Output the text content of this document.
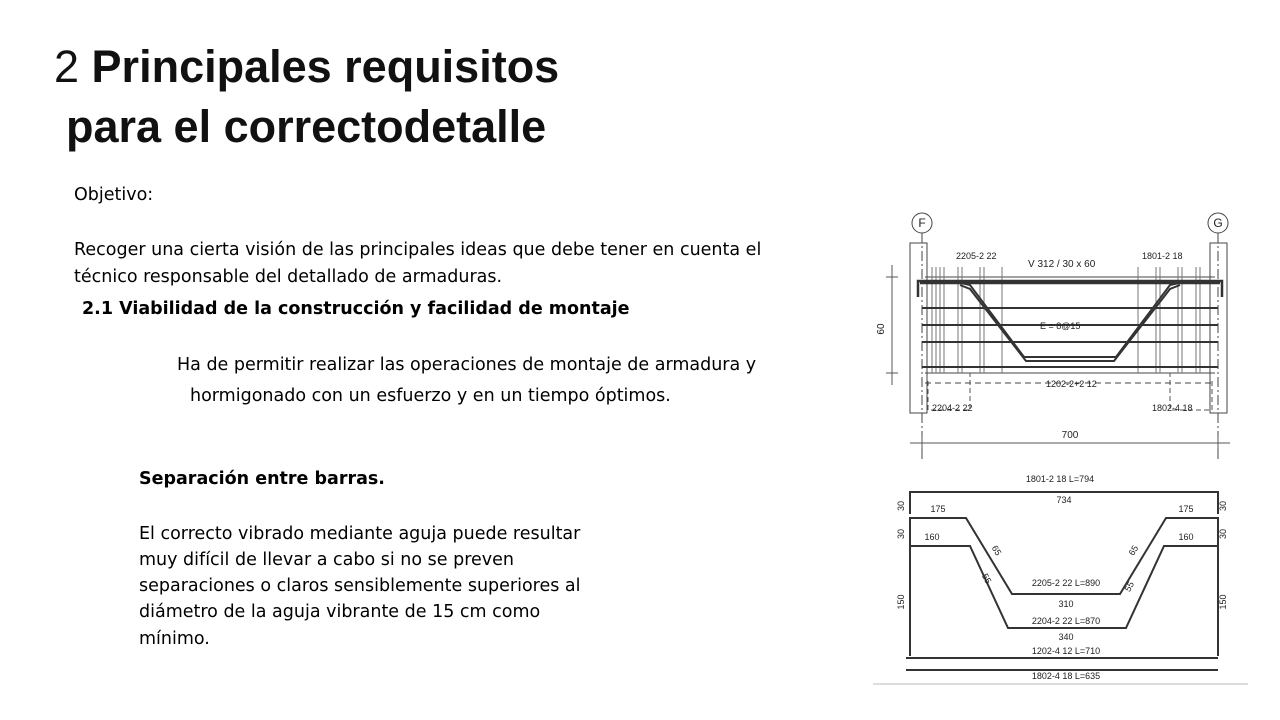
2 Principales requisitos
para el correctodetalle
Objetivo:
Recoger una cierta visión de las principales ideas que debe tener en cuenta el
técnico responsable del detallado de armaduras.
2.1 Viabilidad de la construcción y facilidad de montaje
Ha de permitir realizar las operaciones de montaje de armadura y
hormigonado con un esfuerzo y en un tiempo óptimos.
Separación entre barras.
El correcto vibrado mediante aguja puede resultar
muy difícil de llevar a cabo si no se preven
separaciones o claros sensiblemente superiores al
diámetro de la aguja vibrante de 15 cm como
mínimo.
F	G
2205-2 22
V 312 / 30 x 60
1801-2 18
E = 8@15
60
1202-2+2 12
2204-2 22	1802-4 18
700
1801-2 18 L=794
734
30
30
150
30
30
150
175	175
160	160
65	65
55
55
2205-2 22 L=890
310
2204-2 22 L=870
340
1202-4 12 L=710
1802-4 18 L=635
